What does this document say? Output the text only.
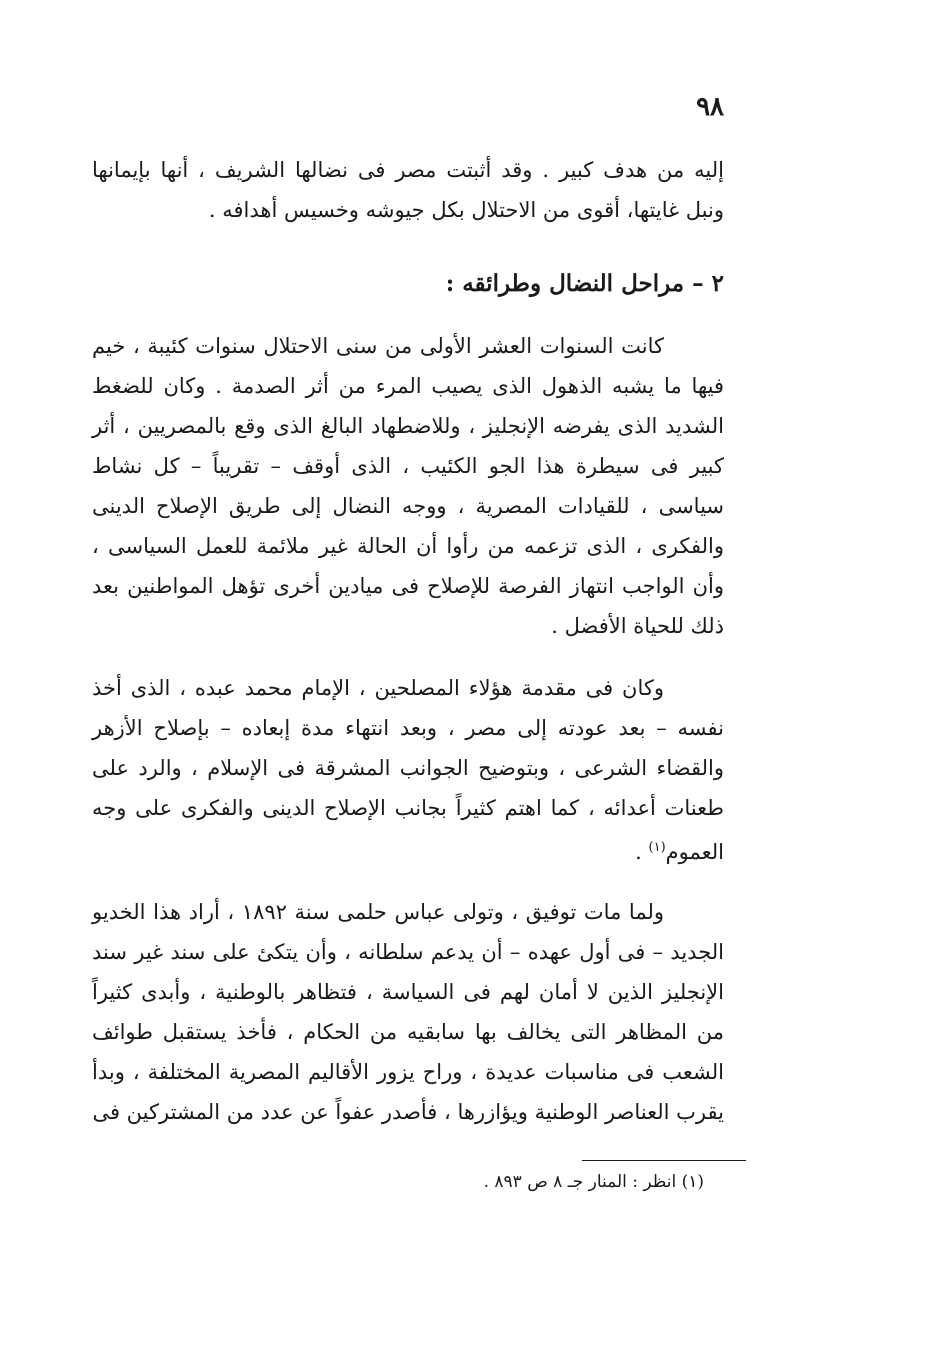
٩٨

إليه من هدف كبير . وقد أثبتت مصر فى نضالها الشريف ، أنها بإيمانها ونبل غايتها، أقوى من الاحتلال بكل جيوشه وخسيس أهدافه .

٢ – مراحل النضال وطرائقه :

كانت السنوات العشر الأولى من سنى الاحتلال سنوات كئيبة ، خيم فيها ما يشبه الذهول الذى يصيب المرء من أثر الصدمة . وكان للضغط الشديد الذى يفرضه الإنجليز ، وللاضطهاد البالغ الذى وقع بالمصريين ، أثر كبير فى سيطرة هذا الجو الكئيب ، الذى أوقف – تقريباً – كل نشاط سياسى ، للقيادات المصرية ، ووجه النضال إلى طريق الإصلاح الدينى والفكرى ، الذى تزعمه من رأوا أن الحالة غير ملائمة للعمل السياسى ، وأن الواجب انتهاز الفرصة للإصلاح فى ميادين أخرى تؤهل المواطنين بعد ذلك للحياة الأفضل .

وكان فى مقدمة هؤلاء المصلحين ، الإمام محمد عبده ، الذى أخذ نفسه – بعد عودته إلى مصر ، وبعد انتهاء مدة إبعاده – بإصلاح الأزهر والقضاء الشرعى ، وبتوضيح الجوانب المشرقة فى الإسلام ، والرد على طعنات أعدائه ، كما اهتم كثيراً بجانب الإصلاح الدينى والفكرى على وجه العموم$^{(١)}$ .

ولما مات توفيق ، وتولى عباس حلمى سنة ١٨٩٢ ، أراد هذا الخديو الجديد – فى أول عهده – أن يدعم سلطانه ، وأن يتكئ على سند غير سند الإنجليز الذين لا أمان لهم فى السياسة ، فتظاهر بالوطنية ، وأبدى كثيراً من المظاهر التى يخالف بها سابقيه من الحكام ، فأخذ يستقبل طوائف الشعب فى مناسبات عديدة ، وراح يزور الأقاليم المصرية المختلفة ، وبدأ يقرب العناصر الوطنية ويؤازرها ، فأصدر عفواً عن عدد من المشتركين فى

(١) انظر : المنار جـ ٨ ص ٨٩٣ .
